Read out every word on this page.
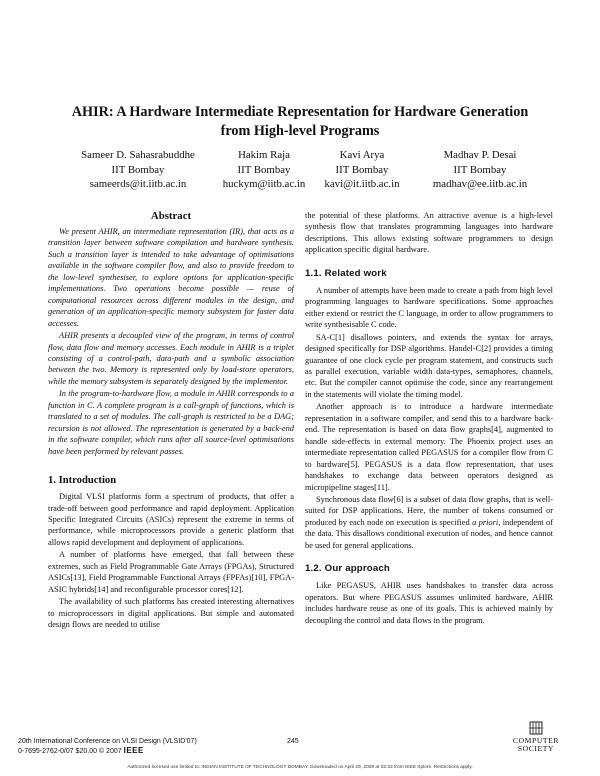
AHIR: A Hardware Intermediate Representation for Hardware Generation
from High-level Programs
Sameer D. Sahasrabuddhe
IIT Bombay
sameerds@it.iitb.ac.in
Hakim Raja
IIT Bombay
huckym@iitb.ac.in
Kavi Arya
IIT Bombay
kavi@it.iitb.ac.in
Madhav P. Desai
IIT Bombay
madhav@ee.iitb.ac.in
Abstract

We present AHIR, an intermediate representation (IR), that acts as a transition layer between software compilation and hardware synthesis. Such a transition layer is intended to take advantage of optimisations available in the software compiler flow, and also to provide freedom to the low-level synthesiser, to explore options for application-specific implementations. Two operations become possible — reuse of computational resources across different modules in the design, and generation of an application-specific memory subsystem for faster data accesses.

AHIR presents a decoupled view of the program, in terms of control flow, data flow and memory accesses. Each module in AHIR is a triplet consisting of a control-path, data-path and a symbolic association between the two. Memory is represented only by load-store operators, while the memory subsystem is separately designed by the implementor.

In the program-to-hardware flow, a module in AHIR corresponds to a function in C. A complete program is a call-graph of functions, which is translated to a set of modules. The call-graph is restricted to be a DAG; recursion is not allowed. The representation is generated by a back-end in the software compiler, which runs after all source-level optimisations have been performed by relevant passes.

1. Introduction

Digital VLSI platforms form a spectrum of products, that offer a trade-off between good performance and rapid deployment. Application Specific Integrated Circuits (ASICs) represent the extreme in terms of performance, while microprocessors provide a generic platform that allows rapid development and deployment of applications.

A number of platforms have emerged, that fall between these extremes, such as Field Programmable Gate Arrays (FPGAs), Structured ASICs[13], Field Programmable Functional Arrays (FPFAs)[10], FPGA-ASIC hybrids[14] and reconfigurable processor cores[12].

The availability of such platforms has created interesting alternatives to microprocessors in digital applications. But simple and automated design flows are needed to utilise

the potential of these platforms. An attractive avenue is a high-level synthesis flow that translates programming languages into hardware descriptions. This allows existing software programmers to design application specific digital hardware.

1.1. Related work

A number of attempts have been made to create a path from high level programming languages to hardware specifications. Some approaches either extend or restrict the C language, in order to allow programmers to write synthesisable C code.

SA-C[1] disallows pointers, and extends the syntax for arrays, designed specifically for DSP algorithms. Handel-C[2] provides a timing guarantee of one clock cycle per program statement, and constructs such as parallel execution, variable width data-types, semaphores, channels, etc. But the compiler cannot optimise the code, since any rearrangement in the statements will violate the timing model.

Another approach is to introduce a hardware intermediate representation in a software compiler, and send this to a hardware back-end. The representation is based on data flow graphs[4], augmented to handle side-effects in external memory. The Phoenix project uses an intermediate representation called PEGASUS for a compiler flow from C to hardware[5]. PEGASUS is a data flow representation, that uses handshakes to exchange data between operators designed as micropipeline stages[11].

Synchronous data flow[6] is a subset of data flow graphs, that is well-suited for DSP applications. Here, the number of tokens consumed or produced by each node on execution is specified a priori, independent of the data. This disallows conditional execution of nodes, and hence cannot be used for general applications.

1.2. Our approach

Like PEGASUS, AHIR uses handshakes to transfer data across operators. But where PEGASUS assumes unlimited hardware, AHIR includes hardware reuse as one of its goals. This is achieved mainly by decoupling the control and data flows in the program.

20th International Conference on VLSI Design (VLSID'07)
0-7695-2762-0/07 $20.00 © 2007 IEEE
245	COMPUTER
SOCIETY
Authorized licensed use limited to: INDIAN INSTITUTE OF TECHNOLOGY BOMBAY. Downloaded on April 29, 2009 at 02:32 from IEEE Xplore. Restrictions apply.
